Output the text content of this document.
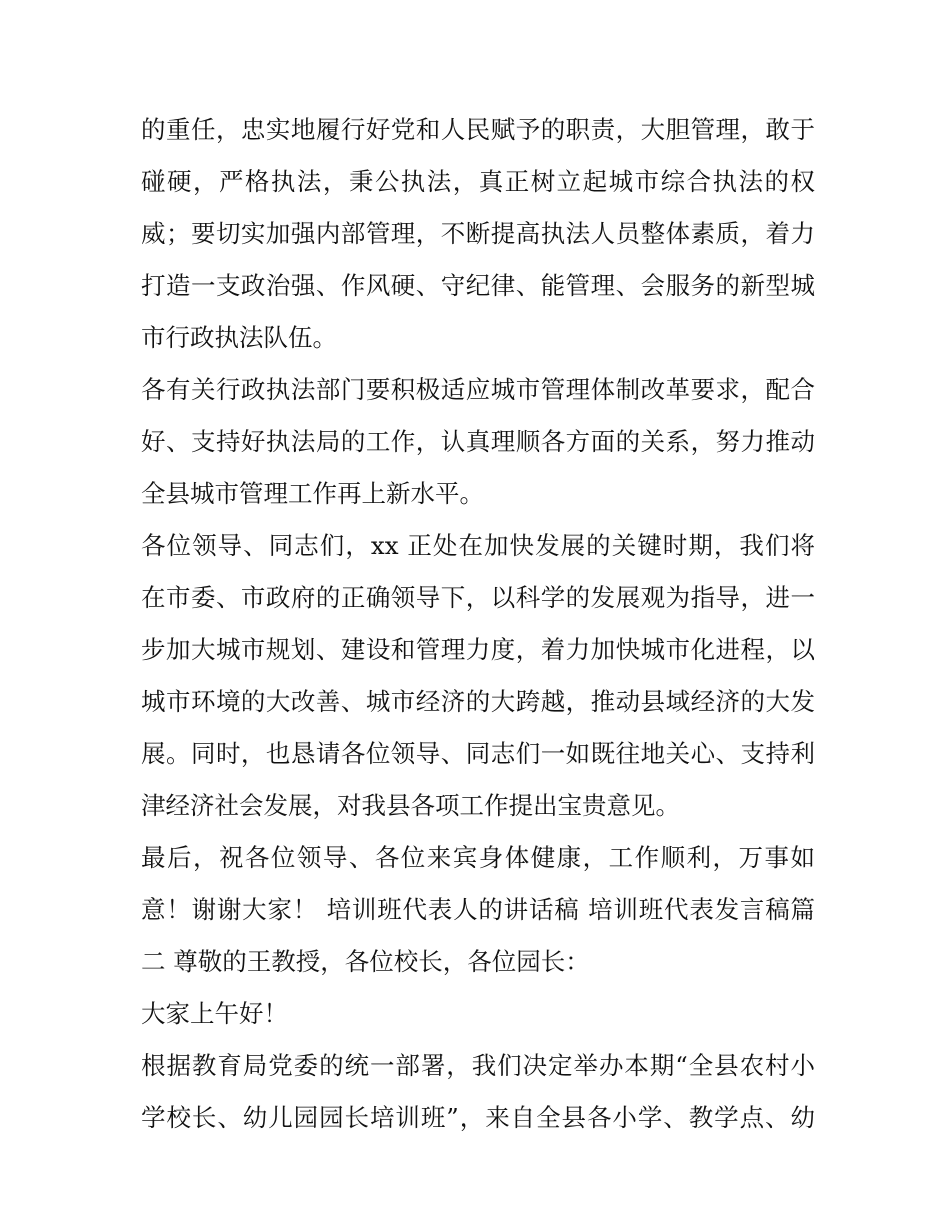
的重任，忠实地履行好党和人民赋予的职责，大胆管理，敢于
碰硬，严格执法，秉公执法，真正树立起城市综合执法的权
威；要切实加强内部管理，不断提高执法人员整体素质，着力
打造一支政治强、作风硬、守纪律、能管理、会服务的新型城
市行政执法队伍。
各有关行政执法部门要积极适应城市管理体制改革要求，配合
好、支持好执法局的工作，认真理顺各方面的关系，努力推动
全县城市管理工作再上新水平。
各位领导、同志们，xx 正处在加快发展的关键时期，我们将
在市委、市政府的正确领导下，以科学的发展观为指导，进一
步加大城市规划、建设和管理力度，着力加快城市化进程，以
城市环境的大改善、城市经济的大跨越，推动县域经济的大发
展。同时，也恳请各位领导、同志们一如既往地关心、支持利
津经济社会发展，对我县各项工作提出宝贵意见。
最后，祝各位领导、各位来宾身体健康，工作顺利，万事如
意！谢谢大家！ 培训班代表人的讲话稿 培训班代表发言稿篇
二 尊敬的王教授，各位校长，各位园长：
大家上午好！
根据教育局党委的统一部署，我们决定举办本期“全县农村小
学校长、幼儿园园长培训班”，来自全县各小学、教学点、幼
